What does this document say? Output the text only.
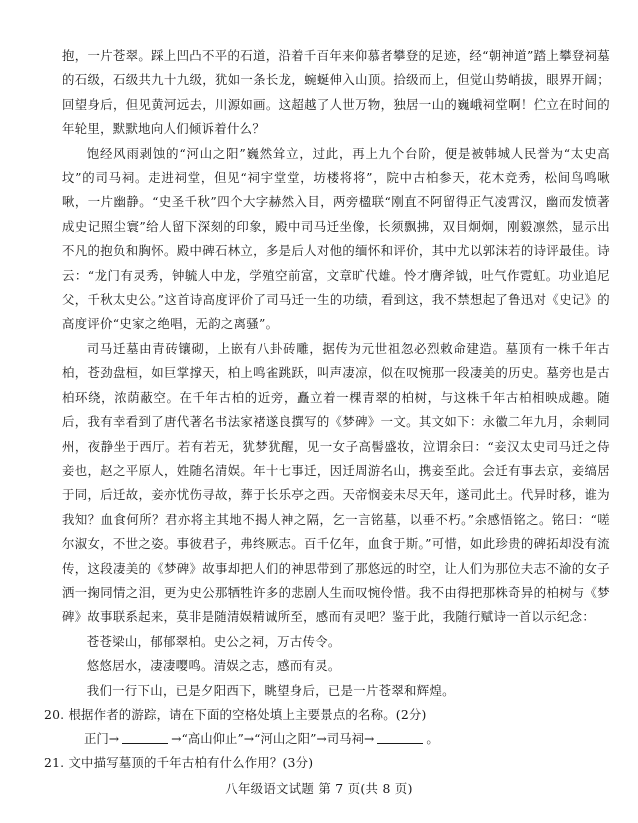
抱，一片苍翠。踩上凹凸不平的石道，沿着千百年来仰慕者攀登的足迹，经“朝神道”踏上攀登祠墓的石级，石级共九十九级，犹如一条长龙，蜿蜒伸入山顶。拾级而上，但觉山势峭拔，眼界开阔；回望身后，但见黄河远去，川源如画。这超越了人世万物，独居一山的巍峨祠堂啊！伫立在时间的年轮里，默默地向人们倾诉着什么？

饱经风雨剥蚀的“河山之阳”巍然耸立，过此，再上九个台阶，便是被韩城人民誉为“太史高坟”的司马祠。走进祠堂，但见“祠宇堂堂，坊楼将将”，院中古柏参天，花木竞秀，松间鸟鸣啾啾，一片幽静。“史圣千秋”四个大字赫然入目，两旁楹联“刚直不阿留得正气凌霄汉，幽而发愤著成史记照尘寰”给人留下深刻的印象，殿中司马迁坐像，长须飘拂，双目炯炯，刚毅凛然，显示出不凡的抱负和胸怀。殿中碑石林立，多是后人对他的缅怀和评价，其中尤以郭沫若的诗评最佳。诗云：“龙门有灵秀，钟毓人中龙，学殖空前富，文章旷代雄。怜才膺斧钺，吐气作霓虹。功业追尼父，千秋太史公。”这首诗高度评价了司马迁一生的功绩，看到这，我不禁想起了鲁迅对《史记》的高度评价“史家之绝唱，无韵之离骚”。

司马迁墓由青砖镶砌，上嵌有八卦砖雕，据传为元世祖忽必烈敕命建造。墓顶有一株千年古柏，苍劲盘桓，如巨掌撑天，柏上鸣雀跳跃，叫声凄凉，似在叹惋那一段凄美的历史。墓旁也是古柏环绕，浓荫蔽空。在千年古柏的近旁，矗立着一棵青翠的柏树，与这株千年古柏相映成趣。随后，我有幸看到了唐代著名书法家褚遂良撰写的《梦碑》一文。其文如下：永徽二年九月，余刺同州，夜静坐于西厅。若有若无，犹梦犹醒，见一女子高髻盛妆，泣谓余曰：“妾汉太史司马迁之侍妾也，赵之平原人，姓随名清娱。年十七事迁，因迁周游名山，携妾至此。会迁有事去京，妾缟居于同，后迁故，妾亦忧伤寻故，葬于长乐亭之西。天帝悯妾未尽天年，遂司此土。代异时移，谁为我知？血食何所？君亦将主其地不揭人神之隔，乞一言铭墓，以垂不朽。”余感悟铭之。铭曰：“嗟尔淑女，不世之姿。事彼君子，弗终厥志。百千亿年，血食于斯。”可惜，如此珍贵的碑拓却没有流传，这段凄美的《梦碑》故事却把人们的神思带到了那悠远的时空，让人们为那位夫志不渝的女子洒一掬同情之泪，更为史公那牺牲许多的悲剧人生而叹惋伶惜。我不由得把那株奇异的柏树与《梦碑》故事联系起来，莫非是随清娱精诚所至，感而有灵吧？鉴于此，我随行赋诗一首以示纪念：

苍苍梁山，郁郁翠柏。史公之祠，万古传令。
悠悠居水，凄凄嘤鸣。清娱之志，感而有灵。

我们一行下山，已是夕阳西下，眺望身后，已是一片苍翠和辉煌。

20. 根据作者的游踪，请在下面的空格处填上主要景点的名称。(2分)

正门→	→“高山仰止”→“河山之阳”→司马祠→	。

21. 文中描写墓顶的千年古柏有什么作用？(3分)

八年级语文试题 第 7 页(共 8 页)
